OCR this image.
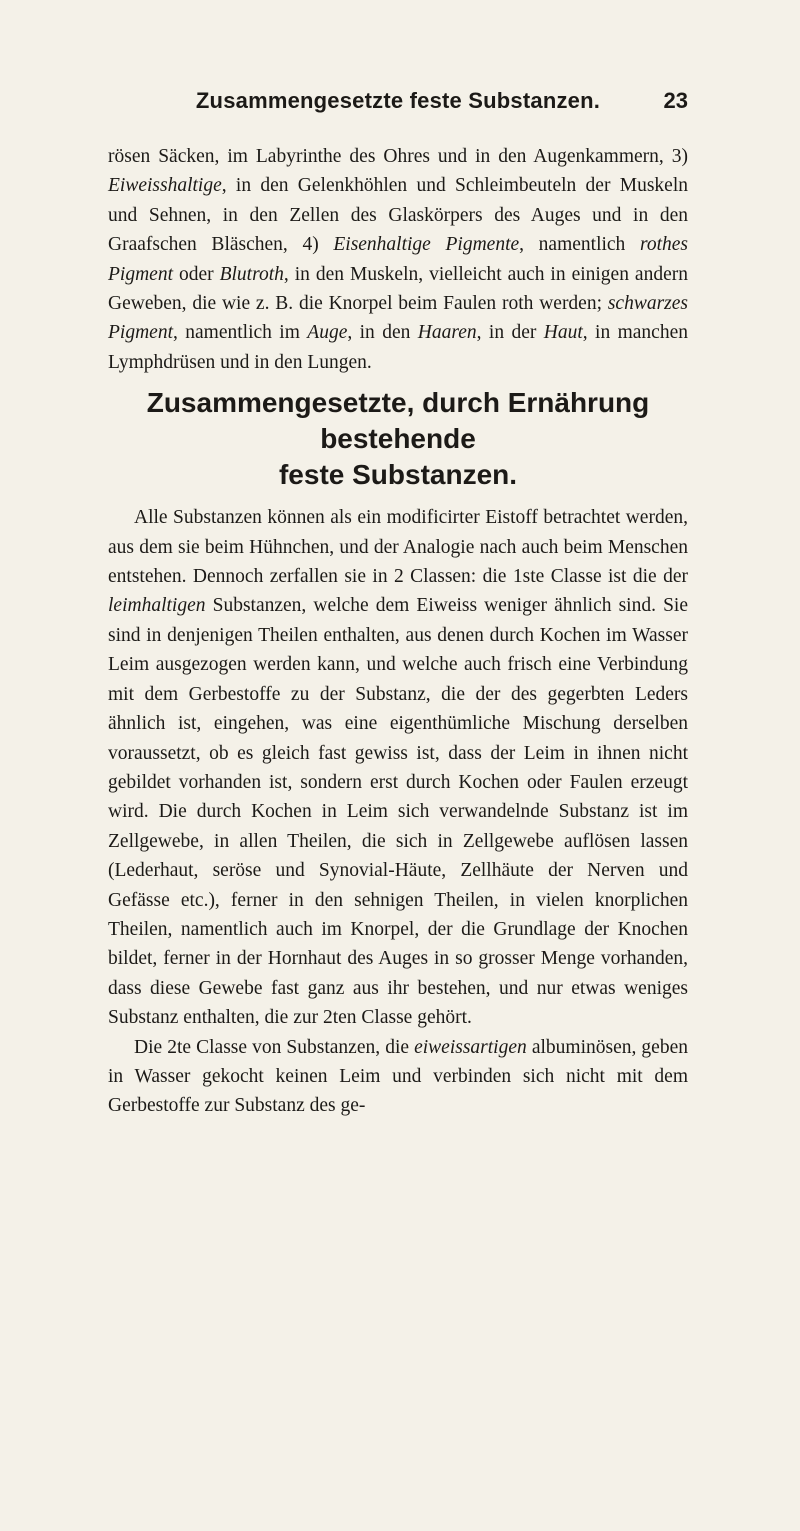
Zusammengesetzte feste Substanzen.	23

rösen Säcken, im Labyrinthe des Ohres und in den Augenkammern, 3) Eiweisshaltige, in den Gelenkhöhlen und Schleimbeuteln der Muskeln und Sehnen, in den Zellen des Glaskörpers des Auges und in den Graafschen Bläschen, 4) Eisenhaltige Pigmente, namentlich rothes Pigment oder Blutroth, in den Muskeln, vielleicht auch in einigen andern Geweben, die wie z. B. die Knorpel beim Faulen roth werden; schwarzes Pigment, namentlich im Auge, in den Haaren, in der Haut, in manchen Lymphdrüsen und in den Lungen.

Zusammengesetzte, durch Ernährung bestehende
feste Substanzen.

Alle Substanzen können als ein modificirter Eistoff betrachtet werden, aus dem sie beim Hühnchen, und der Analogie nach auch beim Menschen entstehen. Dennoch zerfallen sie in 2 Classen: die 1ste Classe ist die der leimhaltigen Substanzen, welche dem Eiweiss weniger ähnlich sind. Sie sind in denjenigen Theilen enthalten, aus denen durch Kochen im Wasser Leim ausgezogen werden kann, und welche auch frisch eine Verbindung mit dem Gerbestoffe zu der Substanz, die der des gegerbten Leders ähnlich ist, eingehen, was eine eigenthümliche Mischung derselben voraussetzt, ob es gleich fast gewiss ist, dass der Leim in ihnen nicht gebildet vorhanden ist, sondern erst durch Kochen oder Faulen erzeugt wird. Die durch Kochen in Leim sich verwandelnde Substanz ist im Zellgewebe, in allen Theilen, die sich in Zellgewebe auflösen lassen (Lederhaut, seröse und Synovial-Häute, Zellhäute der Nerven und Gefässe etc.), ferner in den sehnigen Theilen, in vielen knorplichen Theilen, namentlich auch im Knorpel, der die Grundlage der Knochen bildet, ferner in der Hornhaut des Auges in so grosser Menge vorhanden, dass diese Gewebe fast ganz aus ihr bestehen, und nur etwas weniges Substanz enthalten, die zur 2ten Classe gehört.

Die 2te Classe von Substanzen, die eiweissartigen albuminösen, geben in Wasser gekocht keinen Leim und verbinden sich nicht mit dem Gerbestoffe zur Substanz des ge-
